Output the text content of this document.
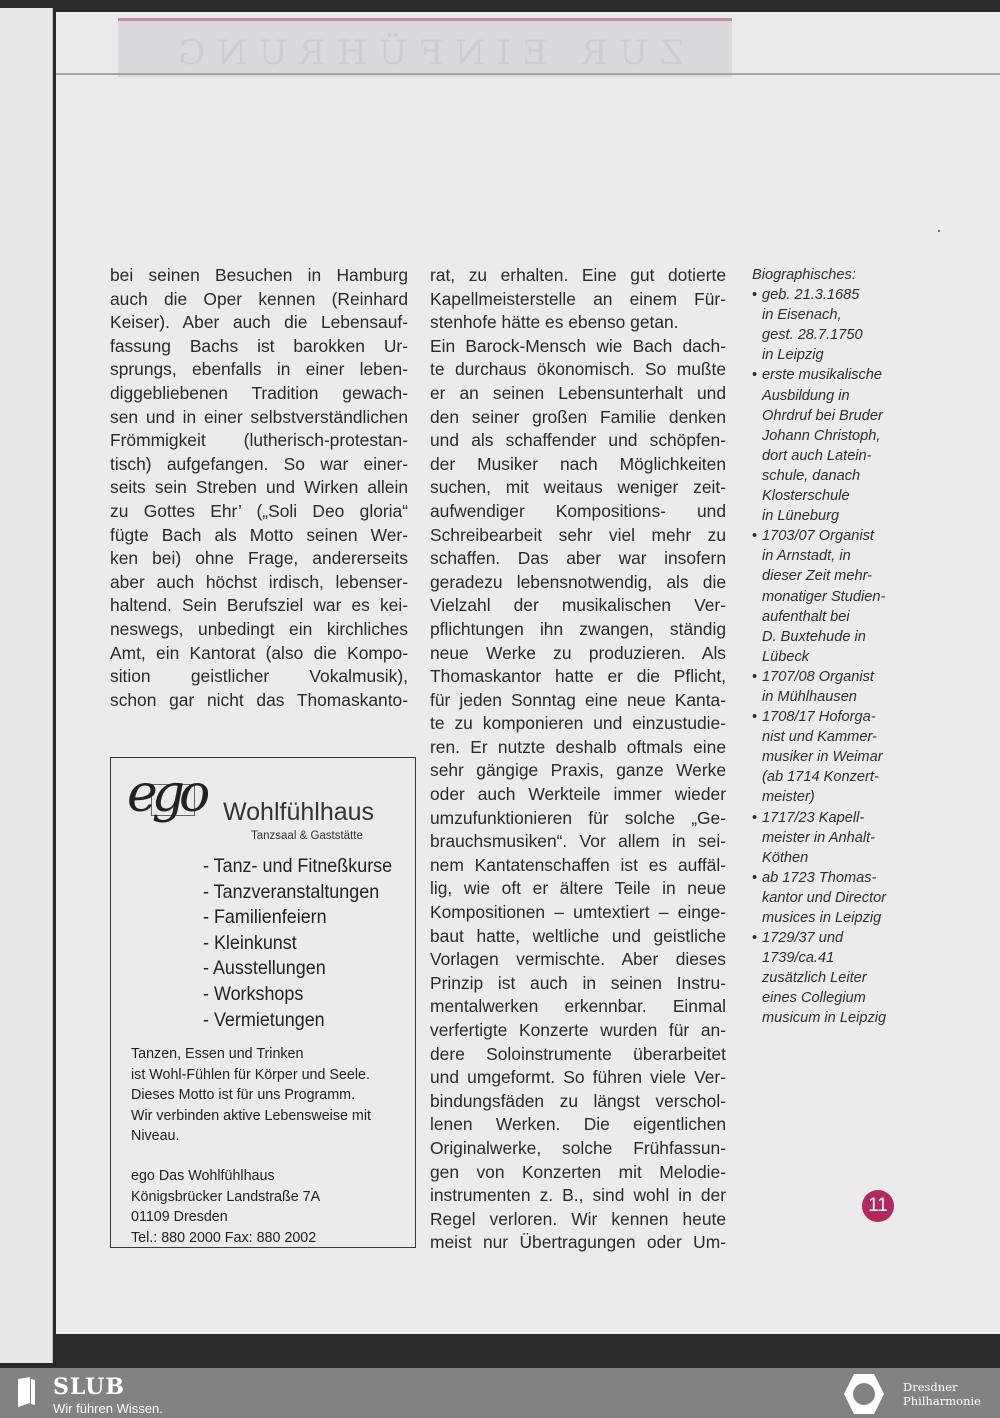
ZUR EINFÜHRUNG
bei seinen Besuchen in Hamburg
auch die Oper kennen (Reinhard
Keiser). Aber auch die Lebensauf-
fassung Bachs ist barokken Ur-
sprungs, ebenfalls in einer leben-
diggebliebenen Tradition gewach-
sen und in einer selbstverständlichen
Frömmigkeit (lutherisch-protestan-
tisch) aufgefangen. So war einer-
seits sein Streben und Wirken allein
zu Gottes Ehr’ („Soli Deo gloria“
fügte Bach als Motto seinen Wer-
ken bei) ohne Frage, andererseits
aber auch höchst irdisch, lebenser-
haltend. Sein Berufsziel war es kei-
neswegs, unbedingt ein kirchliches
Amt, ein Kantorat (also die Kompo-
sition geistlicher Vokalmusik),
schon gar nicht das Thomaskanto-
rat, zu erhalten. Eine gut dotierte
Kapellmeisterstelle an einem Für-
stenhofe hätte es ebenso getan.
Ein Barock-Mensch wie Bach dach-
te durchaus ökonomisch. So mußte
er an seinen Lebensunterhalt und
den seiner großen Familie denken
und als schaffender und schöpfen-
der Musiker nach Möglichkeiten
suchen, mit weitaus weniger zeit-
aufwendiger Kompositions- und
Schreibearbeit sehr viel mehr zu
schaffen. Das aber war insofern
geradezu lebensnotwendig, als die
Vielzahl der musikalischen Ver-
pflichtungen ihn zwangen, ständig
neue Werke zu produzieren. Als
Thomaskantor hatte er die Pflicht,
für jeden Sonntag eine neue Kanta-
te zu komponieren und einzustudie-
ren. Er nutzte deshalb oftmals eine
sehr gängige Praxis, ganze Werke
oder auch Werkteile immer wieder
umzufunktionieren für solche „Ge-
brauchsmusiken“. Vor allem in sei-
nem Kantatenschaffen ist es auffäl-
lig, wie oft er ältere Teile in neue
Kompositionen – umtextiert – einge-
baut hatte, weltliche und geistliche
Vorlagen vermischte. Aber dieses
Prinzip ist auch in seinen Instru-
mentalwerken erkennbar. Einmal
verfertigte Konzerte wurden für an-
dere Soloinstrumente überarbeitet
und umgeformt. So führen viele Ver-
bindungsfäden zu längst verschol-
lenen Werken. Die eigentlichen
Originalwerke, solche Frühfassun-
gen von Konzerten mit Melodie-
instrumenten z. B., sind wohl in der
Regel verloren. Wir kennen heute
meist nur Übertragungen oder Um-
Biographisches:
• geb. 21.3.1685
in Eisenach,
gest. 28.7.1750
in Leipzig
• erste musikalische
Ausbildung in
Ohrdruf bei Bruder
Johann Christoph,
dort auch Latein-
schule, danach
Klosterschule
in Lüneburg
• 1703/07 Organist
in Arnstadt, in
dieser Zeit mehr-
monatiger Studien-
aufenthalt bei
D. Buxtehude in
Lübeck
• 1707/08 Organist
in Mühlhausen
• 1708/17 Hoforga-
nist und Kammer-
musiker in Weimar
(ab 1714 Konzert-
meister)
• 1717/23 Kapell-
meister in Anhalt-
Köthen
• ab 1723 Thomas-
kantor und Director
musices in Leipzig
• 1729/37 und
1739/ca.41
zusätzlich Leiter
eines Collegium
musicum in Leipzig
ego Wohlfühlhaus
Tanzsaal & Gaststätte
- Tanz- und Fitneßkurse
- Tanzveranstaltungen
- Familienfeiern
- Kleinkunst
- Ausstellungen
- Workshops
- Vermietungen
Tanzen, Essen und Trinken
ist Wohl-Fühlen für Körper und Seele.
Dieses Motto ist für uns Programm.
Wir verbinden aktive Lebensweise mit
Niveau.
ego Das Wohlfühlhaus
Königsbrücker Landstraße 7A
01109 Dresden
Tel.: 880 2000 Fax: 880 2002
11
SLUB
Wir führen Wissen.
Dresdner
Philharmonie
